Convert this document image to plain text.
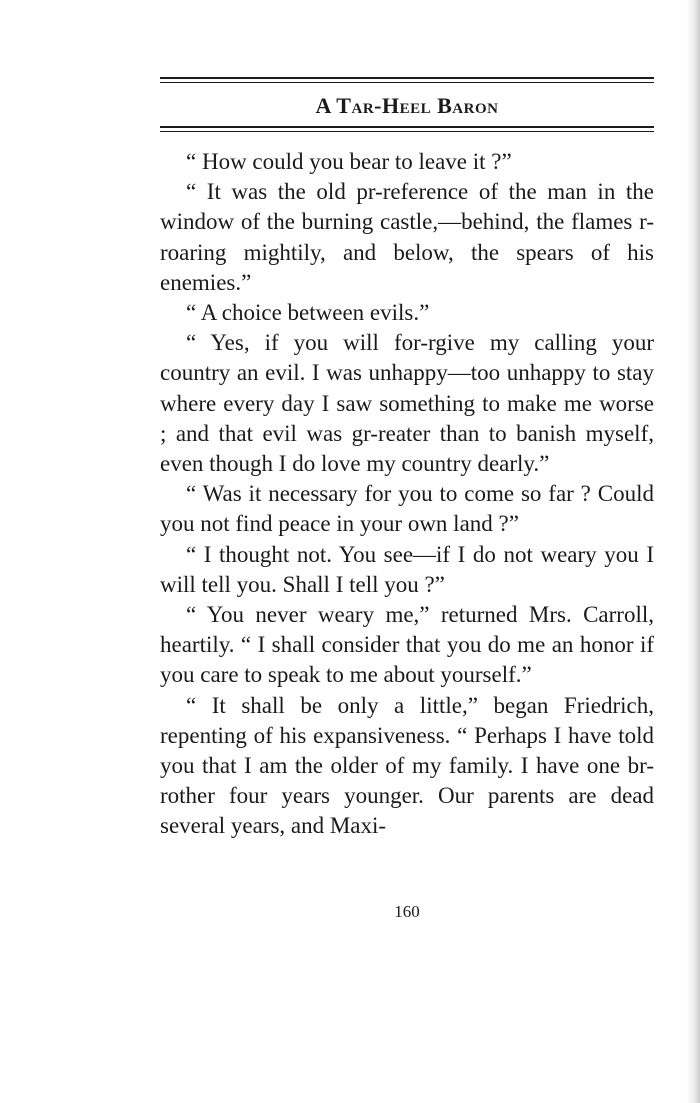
A Tar-Heel Baron

“ How could you bear to leave it ?”

“ It was the old pr-reference of the man in the window of the burning castle,—behind, the flames r-roaring mightily, and below, the spears of his enemies.”

“ A choice between evils.”

“ Yes, if you will for-rgive my calling your country an evil. I was unhappy—too unhappy to stay where every day I saw something to make me worse ; and that evil was gr-reater than to banish myself, even though I do love my country dearly.”

“ Was it necessary for you to come so far ? Could you not find peace in your own land ?”

“ I thought not. You see—if I do not weary you I will tell you. Shall I tell you ?”

“ You never weary me,” returned Mrs. Carroll, heartily. “ I shall consider that you do me an honor if you care to speak to me about yourself.”

“ It shall be only a little,” began Friedrich, repenting of his expansiveness. “ Perhaps I have told you that I am the older of my family. I have one br-rother four years younger. Our parents are dead several years, and Maxi-

160
